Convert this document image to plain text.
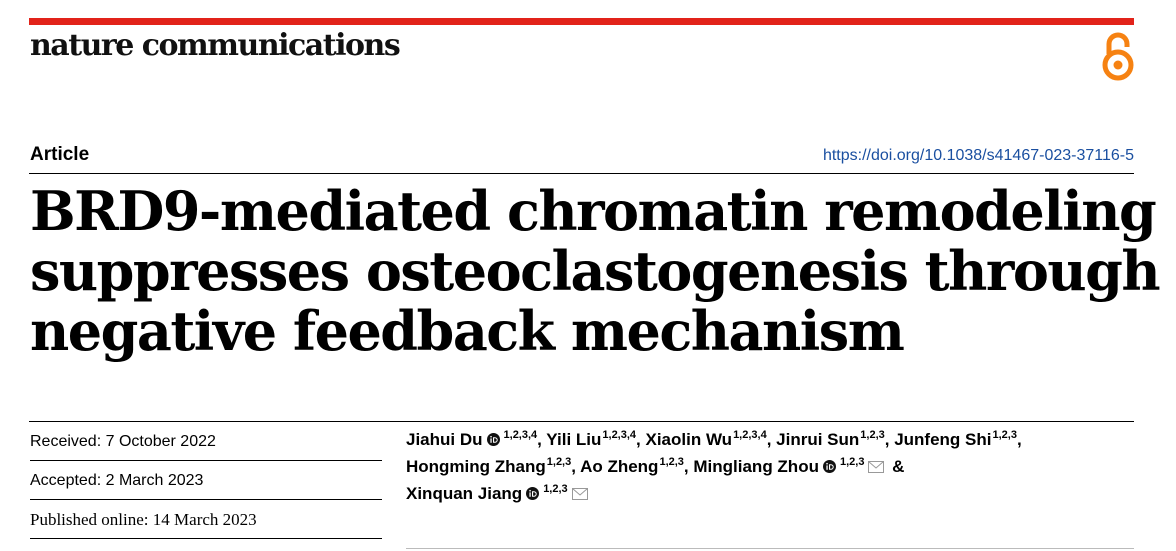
nature communications
Article	https://doi.org/10.1038/s41467-023-37116-5
BRD9-mediated chromatin remodeling
suppresses osteoclastogenesis through
negative feedback mechanism
Received: 7 October 2022
Accepted: 2 March 2023
Published online: 14 March 2023
Jiahui Du $^{1,2,3,4}$, Yili Liu$^{1,2,3,4}$, Xiaolin Wu$^{1,2,3,4}$, Jinrui Sun$^{1,2,3}$, Junfeng Shi$^{1,2,3}$,
Hongming Zhang$^{1,2,3}$, Ao Zheng$^{1,2,3}$, Mingliang Zhou $^{1,2,3}$ &
Xinquan Jiang $^{1,2,3}$
